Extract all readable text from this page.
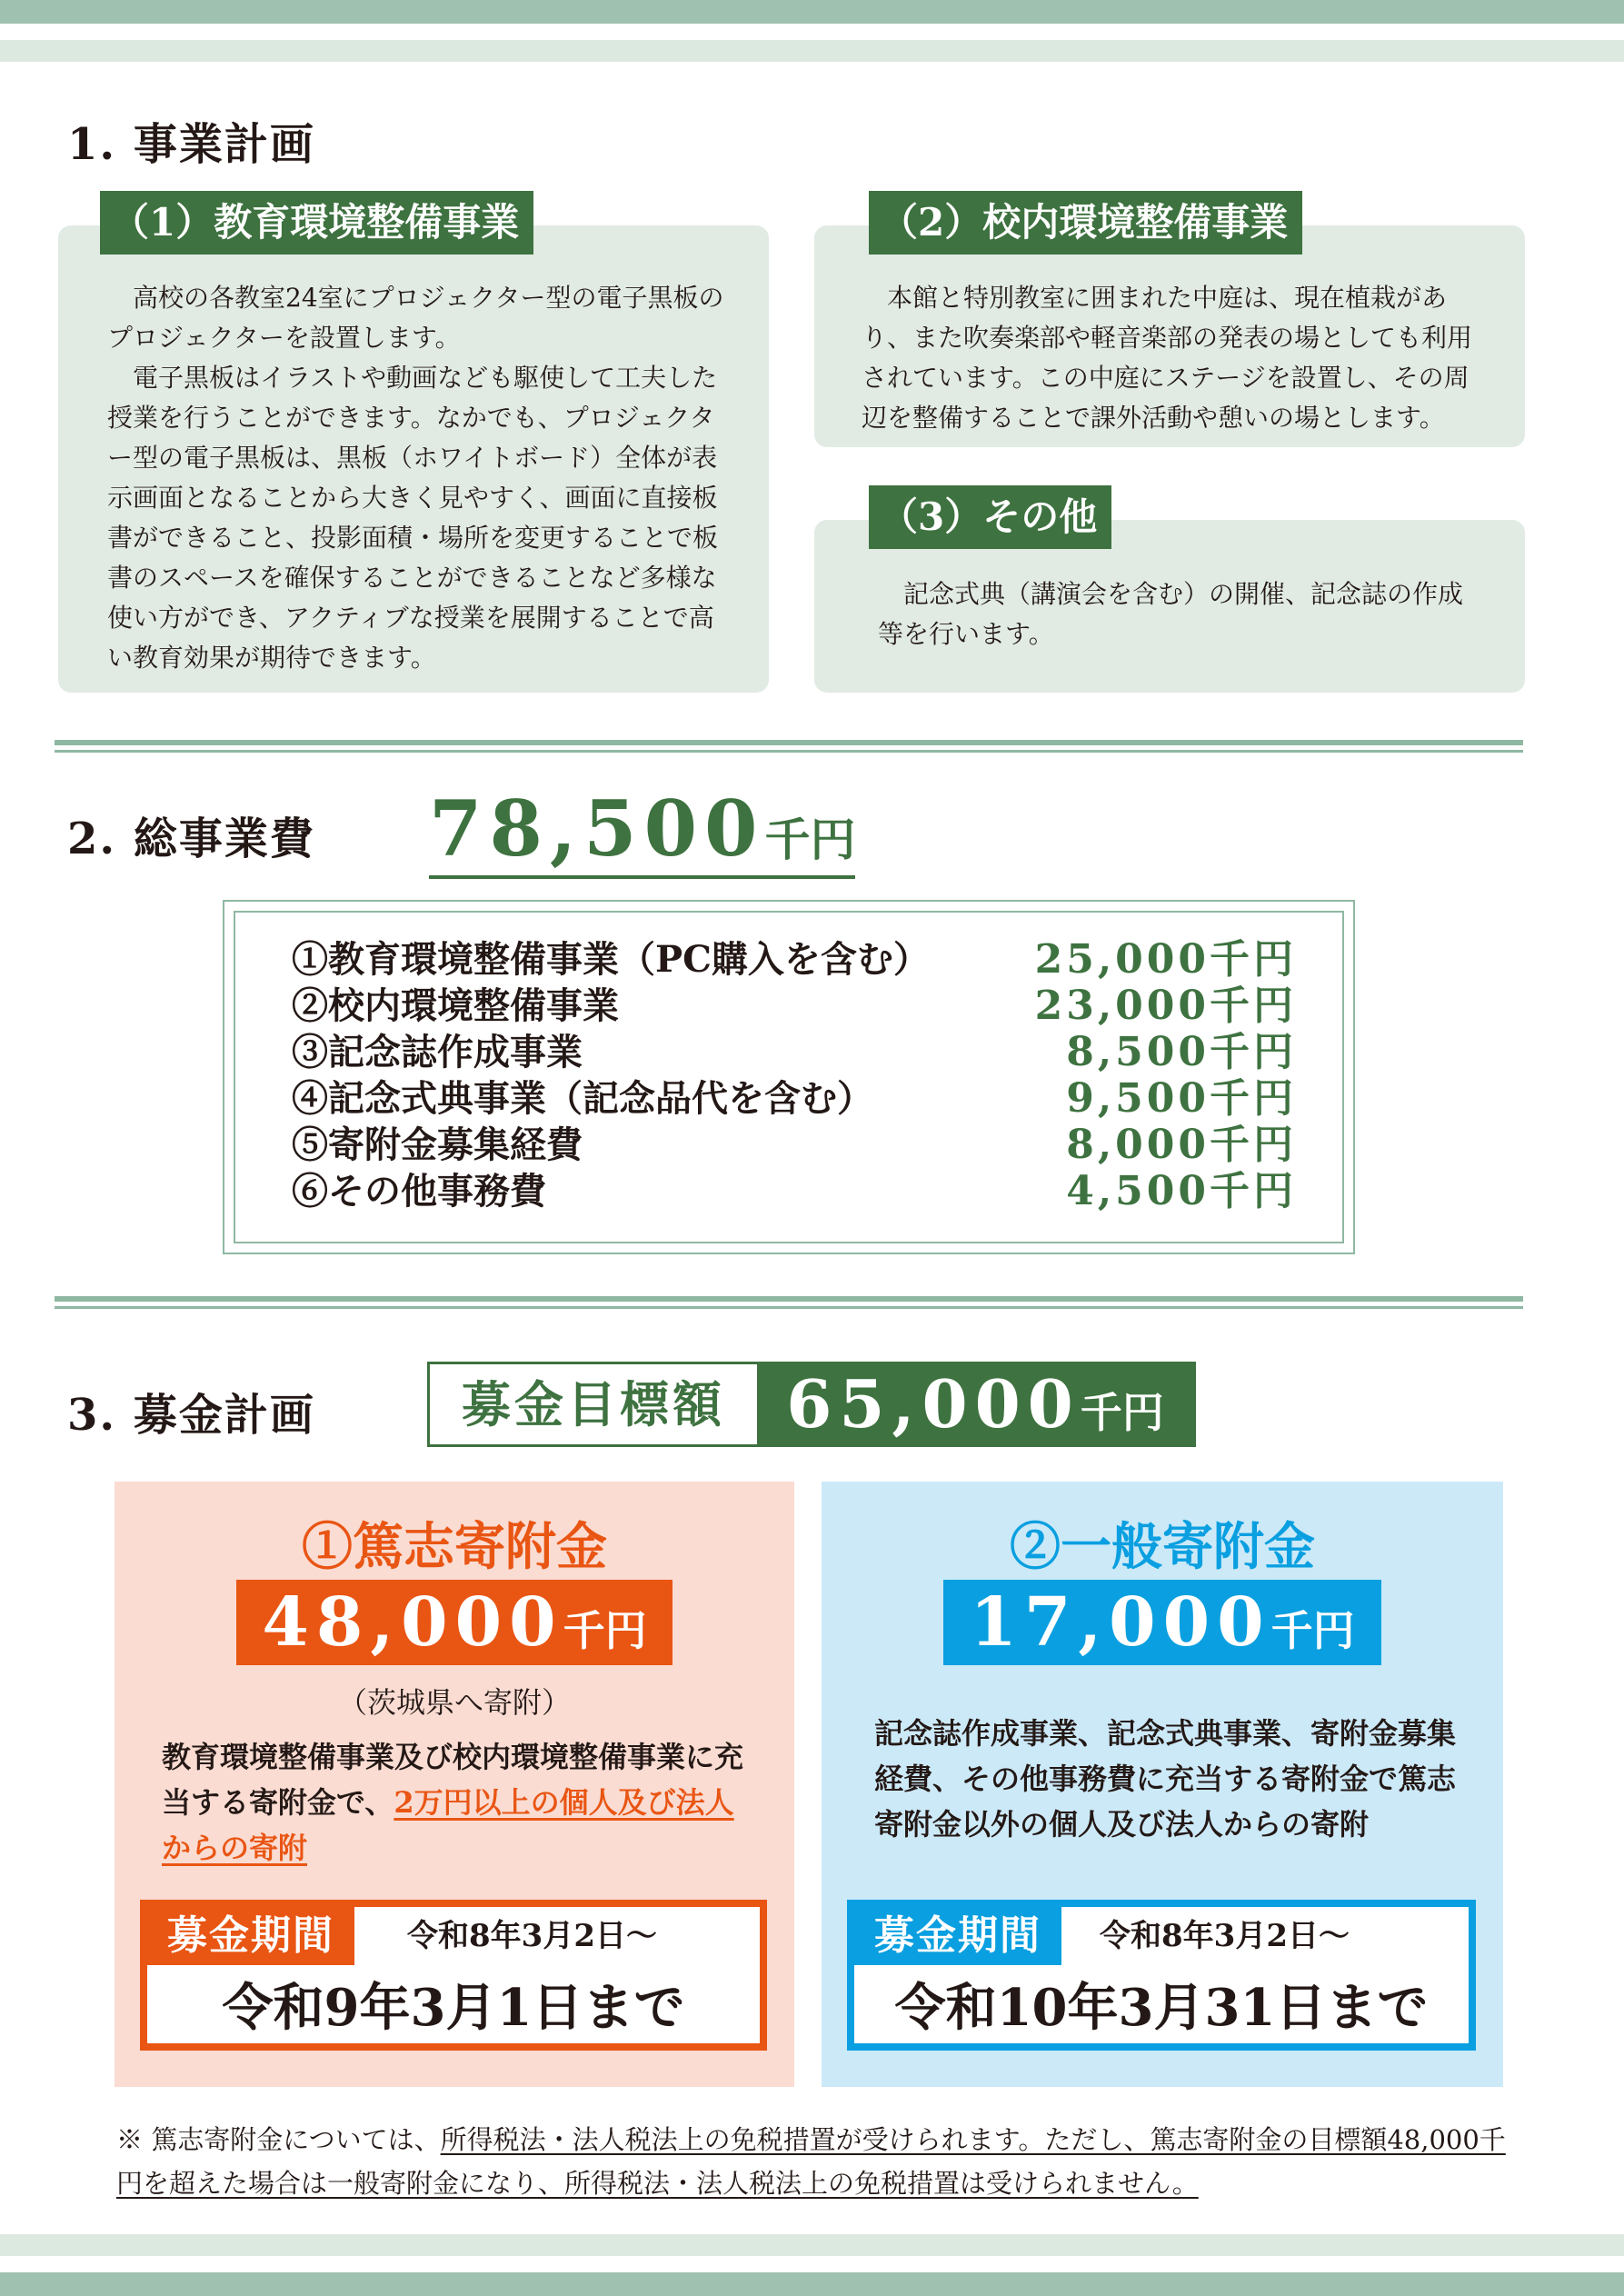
1. 事業計画

高校の各教室24室にプロジェクター型の電子黒板のプロジェクターを設置します。

電子黒板はイラストや動画なども駆使して工夫した授業を行うことができます。なかでも、プロジェクター型の電子黒板は、黒板（ホワイトボード）全体が表示画面となることから大きく見やすく、画面に直接板書ができること、投影面積・場所を変更することで板書のスペースを確保することができることなど多様な使い方ができ、アクティブな授業を展開することで高い教育効果が期待できます。

（1）教育環境整備事業

本館と特別教室に囲まれた中庭は、現在植栽があり、また吹奏楽部や軽音楽部の発表の場としても利用されています。この中庭にステージを設置し、その周辺を整備することで課外活動や憩いの場とします。

（2）校内環境整備事業

記念式典（講演会を含む）の開催、記念誌の作成等を行います。

（3）その他
2. 総事業費 78,500千円
①教育環境整備事業（PC購入を含む）	25,000千円
②校内環境整備事業	23,000千円
③記念誌作成事業	8,500千円
④記念式典事業（記念品代を含む）	9,500千円
⑤寄附金募集経費	8,000千円
⑥その他事務費	4,500千円
3. 募金計画	募金目標額 65,000千円
①篤志寄附金
48,000千円
（茨城県へ寄附）
教育環境整備事業及び校内環境整備事業に充当する寄附金で、2万円以上の個人及び法人からの寄附
募金期間	令和8年3月2日〜
令和9年3月1日まで
②一般寄附金
17,000千円
記念誌作成事業、記念式典事業、寄附金募集経費、その他事務費に充当する寄附金で篤志寄附金以外の個人及び法人からの寄附
募金期間	令和8年3月2日〜
令和10年3月31日まで
※ 篤志寄附金については、所得税法・法人税法上の免税措置が受けられます。ただし、篤志寄附金の目標額48,000千円を超えた場合は一般寄附金になり、所得税法・法人税法上の免税措置は受けられません。
